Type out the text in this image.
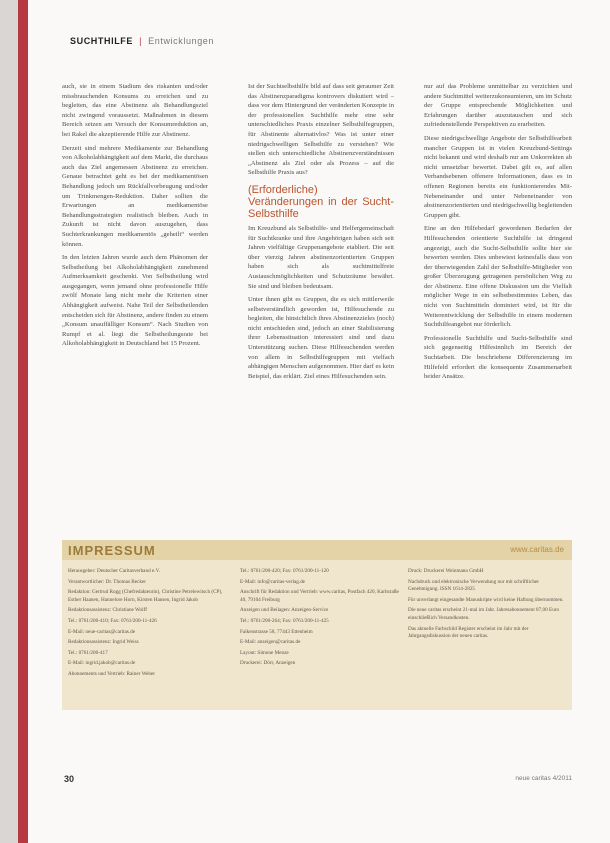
SUCHTHILFE | Entwicklungen

auch, sie in einem Stadium des riskanten und/oder missbrauchenden Konsums zu erreichen und zu begleiten, das eine Abstinenz als Behandlungsziel nicht zwingend voraussetzt. Maßnahmen in diesem Bereich setzen am Versuch der Konsumreduktion an, bei Rakel die akzeptierende Hilfe zur Abstinenz.

Derzeit sind mehrere Medikamente zur Behandlung von Alkoholabhängigkeit auf dem Markt, die durchaus auch das Ziel angemessen Abstinenz zu erreichen. Genaue betrachtet geht es bei der medikamentösen Behandlung jedoch um Rückfallvorbeugung und/oder um Trinkmengen-Reduktion. Daher sollten die Erwartungen an medikamentöse Behandlungsstrategien realistisch bleiben. Auch in Zukunft ist nicht davon auszugehen, dass Suchterkrankungen medikamentös „geheilt“ werden können.

In den letzten Jahren wurde auch dem Phänomen der Selbstheilung bei Alkoholabhängigkeit zunehmend Aufmerksamkeit geschenkt. Von Selbstheilung wird ausgegangen, wenn jemand ohne professionelle Hilfe zwölf Monate lang nicht mehr die Kriterien einer Abhängigkeit aufweist. Nahe Teil der Selbstheilenden entscheiden sich für Abstinenz, andere finden zu einem „Konsum unauffälliger Konsum“. Nach Studien von Rumpf et al. liegt die Selbstheilungsrate bei Alkoholabhängigkeit in Deutschland bei 15 Prozent.

Ist der Suchtselbsthilfe bild auf dass seit geraumer Zeit das Abstinenzparadigma kontrovers diskutiert wird – dass vor dem Hintergrund der veränderten Konzepte in der professionellen Suchthilfe mehr eine sehr unterschiedliches Praxis einzelner Selbsthilfegruppen, für Abstinente alternativlos? Was ist unter einer niedrigschwelligen Selbsthilfe zu verstehen? Wie stellen sich unterschiedliche Abstinenzverständnissen „Abstinenz als Ziel oder als Prozess – auf die Selbsthilfe Praxis aus?

(Erforderliche) Veränderungen in der Sucht-Selbsthilfe

Im Kreuzbund als Selbsthilfe- und Helfergemeinschaft für Suchtkranke und ihre Angehörigen haben sich seit Jahren vielfältige Gruppenangebote etabliert. Die seit über vierzig Jahren abstinenzorientierten Gruppen haben sich als suchtmittelfreie Austauschmöglichkeiten und Schutzräume bewährt. Sie sind und bleiben bedeutsam.

Unter ihnen gibt es Gruppen, die es sich mittlerweile selbstverständlich geworden ist, Hilfesuchende zu begleiten, die hinsichtlich ihres Abstinenzzieles (noch) nicht entschieden sind, jedoch an einer Stabilisierung ihrer Lebenssituation interessiert sind und dazu Unterstützung suchen. Diese Hilfesuchenden werden von allem in Selbsthilfegruppen mit vielfach abhängigen Menschen aufgenommen. Hier darf es kein Beispiel, das erklärt. Ziel eines Hilfesuchenden sein.

nur auf das Probleme unmittelbar zu verzichten und andere Suchtmittel weiterzukonsumieren, um im Schutz der Gruppe entsprechende Möglichkeiten und Erfahrungen darüber auszutauschen und sich zufriedenstellende Perspektiven zu erarbeiten.

Diese niedrigschwellige Angebote der Selbsthilfearbeit mancher Gruppen ist in vielen Kreuzbund-Settings nicht bekannt und wird deshalb nur am Unkorrekten ab nicht umsetzbar bewertet. Dabei gilt es, auf allen Verbandsebenen offenere Informationen, dass es in offenen Regionen bereits ein funktionierendes Mit- Nebeneinander und unter Nebeneinander von abstinenzorientierten und niedrigschwellig begleitenden Gruppen gibt.

Eine an den Hilfebedarf gewordenen Bedarfen der Hilfesuchenden orientierte Suchthilfe ist dringend angezeigt, auch die Sucht-Selbsthilfe sollte hier sie bewerten werden. Dies unbewiest keinesfalls dass von der überwiegenden Zahl der Selbsthilfe-Mitglieder von großer Überzeugung getragenen persönlichen Weg zu der Abstinenz. Eine offene Diskussion um die Vielfalt möglicher Wege in ein selbstbestimmtes Leben, das nicht von Suchtmitteln dominiert wird, ist für die Weiterentwicklung der Selbsthilfe in einem modernen Suchthilfeangebot nur förderlich.

Professionelle Suchthilfe und Sucht-Selbsthilfe sind sich gegenseitig Hilfesinnlich im Bereich der Suchtarbeit. Die beschriebene Differenzierung im Hilfefeld erfordert die konsequente Zusammenarbeit beider Ansätze.

IMPRESSUM	www.caritas.de

Herausgeber: Deutscher Caritasverband e.V.

Verantwortlicher: Dr. Thomas Becker

Redaktion: Gertrud Rogg (Chefredakteurin), Christine Petrelewitsch (CP), Esther Haanen, Hannelore Horn, Kirsten Hansen, Ingrid Jakob

Redaktionsassistenz: Christiane Wolff

Tel.: 0761/200-410; Fax: 0761/200-11-426

E-Mail: neue-caritas@caritas.de

Redaktionsassistenz: Ingrid Weiss

Tel.: 0761/200-417

E-Mail: ingrid.jakob@caritas.de

Abonnements und Vertrieb: Rainer Weber

Tel.: 0761/200-420; Fax: 0761/200-11-120

E-Mail: info@caritas-verlag.de

Anschrift für Redaktion und Vertrieb: www.caritas, Postfach 420, Karlstraße 40, 79104 Freiburg

Anzeigen und Beilagen: Anzeigen-Service

Tel.: 0761/200-264; Fax: 0761/200-11-425

Falkenstrasse 58, 77443 Ettenheim

E-Mail: anzeigen@caritas.de

Layout: Simone Menze

Druckerei: Dörr, Anzeigen

Druck: Druckerei Weinmann GmbH

Nachdruck und elektronische Verwendung nur mit schriftlicher Genehmigung. ISSN 1614-2825

Für unverlangt eingesandte Manuskripte wird keine Haftung übernommen.

Die neue caritas erscheint 21-mal im Jahr. Jahresabonnement 87,00 Euro einschließlich Versandkosten.

Das aktuelle Farbschild Register erscheint im Jahr mit der Jahrgangsdiskussion der neuen caritas.

30	neue caritas 4/2011
